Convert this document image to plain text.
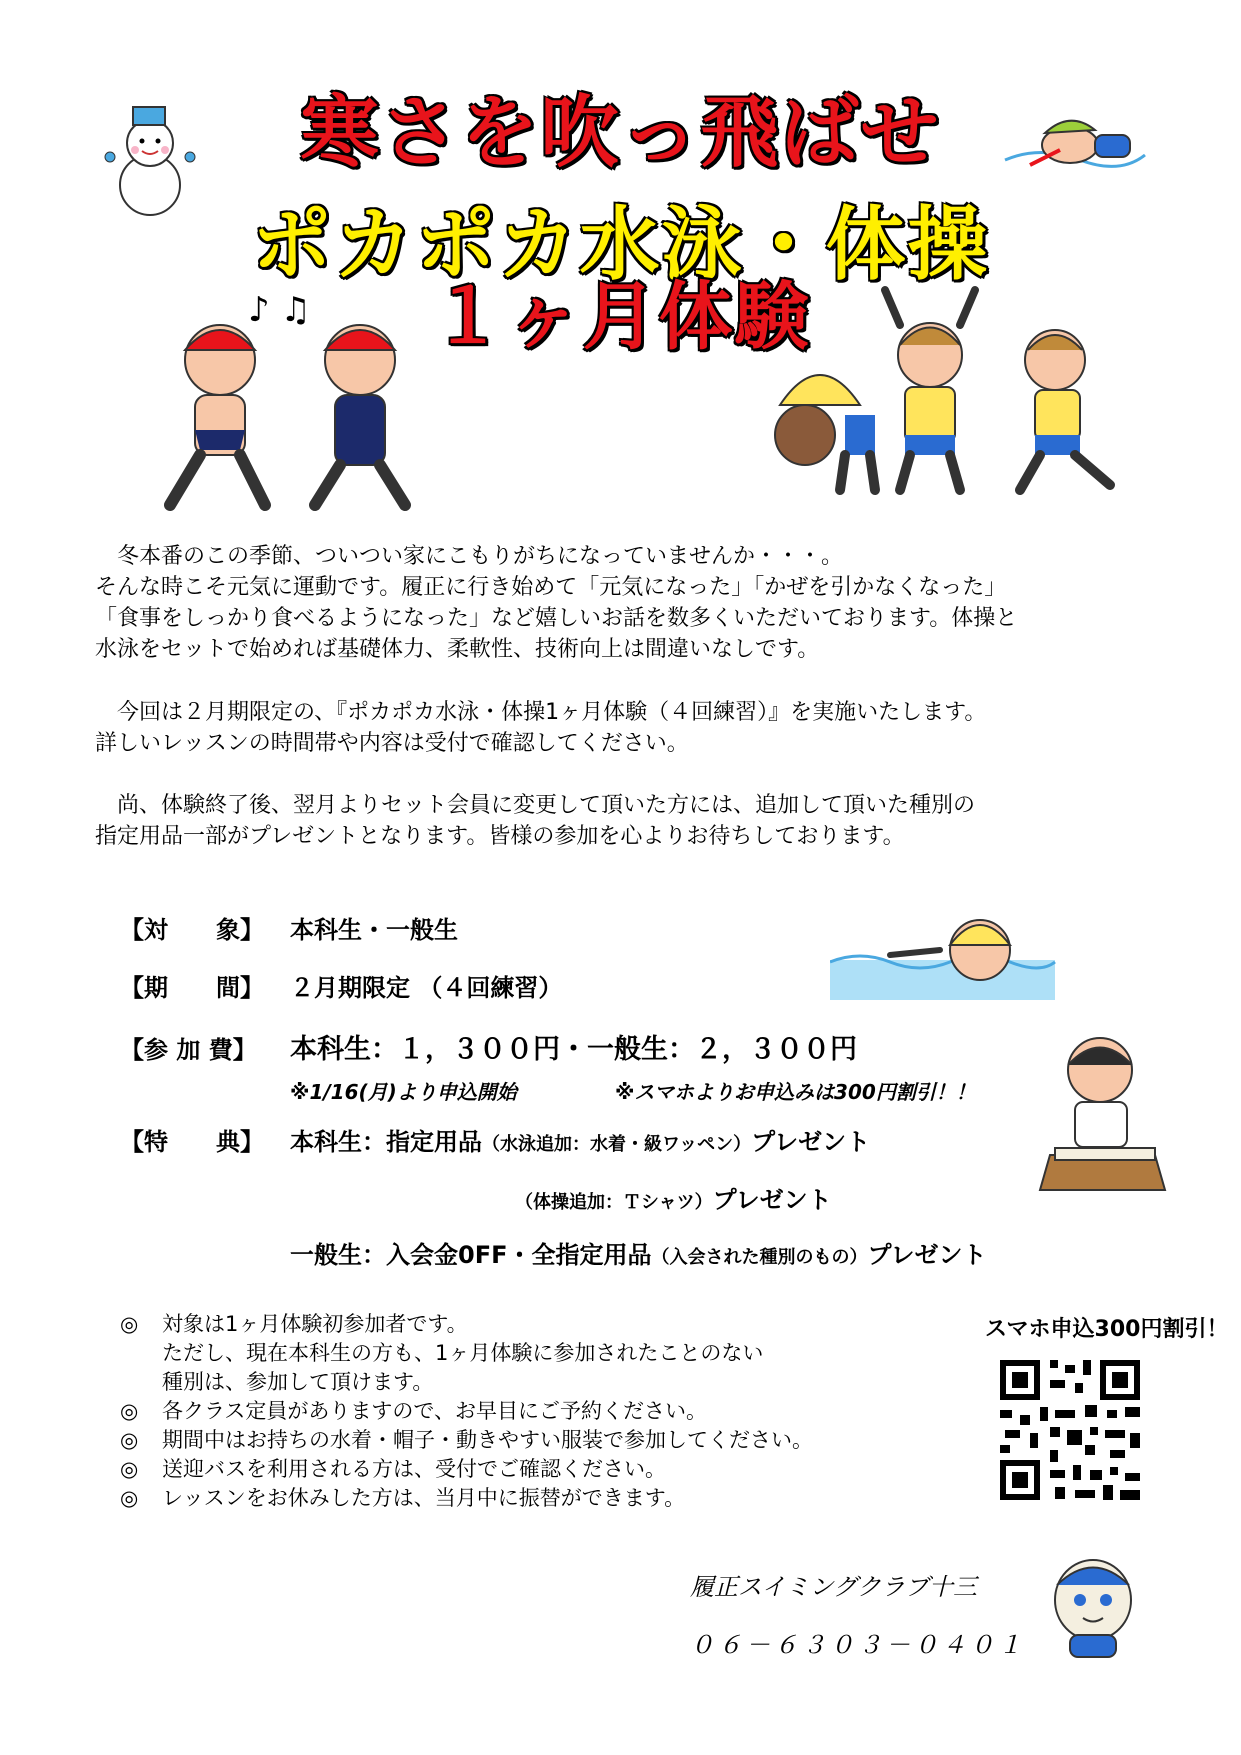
寒さを吹っ飛ばせ
ポカポカ水泳・体操
１ヶ月体験
♪ ♫

　冬本番のこの季節、ついつい家にこもりがちになっていませんか・・・。

そんな時こそ元気に運動です。履正に行き始めて「元気になった」「かぜを引かなくなった」

「食事をしっかり食べるようになった」など嬉しいお話を数多くいただいております。体操と

水泳をセットで始めれば基礎体力、柔軟性、技術向上は間違いなしです。

　今回は２月期限定の、『ポカポカ水泳・体操1ヶ月体験（４回練習）』を実施いたします。

詳しいレッスンの時間帯や内容は受付で確認してください。

　尚、体験終了後、翌月よりセット会員に変更して頂いた方には、追加して頂いた種別の

指定用品一部がプレゼントとなります。皆様の参加を心よりお待ちしております。

【対　　象】 本科生・一般生
【期　　間】 ２月期限定 （４回練習）
【参 加 費】 本科生：１，３００円・一般生：２，３００円
※1/16(月)より申込開始	※スマホよりお申込みは300円割引！！
【特　　典】 本科生：指定用品（水泳追加：水着・級ワッペン）プレゼント
（体操追加：Ｔシャツ）プレゼント
一般生：入会金0FF・全指定用品（入会された種別のもの）プレゼント
◎ 対象は1ヶ月体験初参加者です。
ただし、現在本科生の方も、1ヶ月体験に参加されたことのない
種別は、参加して頂けます。
◎ 各クラス定員がありますので、お早目にご予約ください。
◎ 期間中はお持ちの水着・帽子・動きやすい服装で参加してください。
◎ 送迎バスを利用される方は、受付でご確認ください。
◎ レッスンをお休みした方は、当月中に振替ができます。
スマホ申込300円割引！
履正スイミングクラブ十三
０６－６３０３－０４０１
